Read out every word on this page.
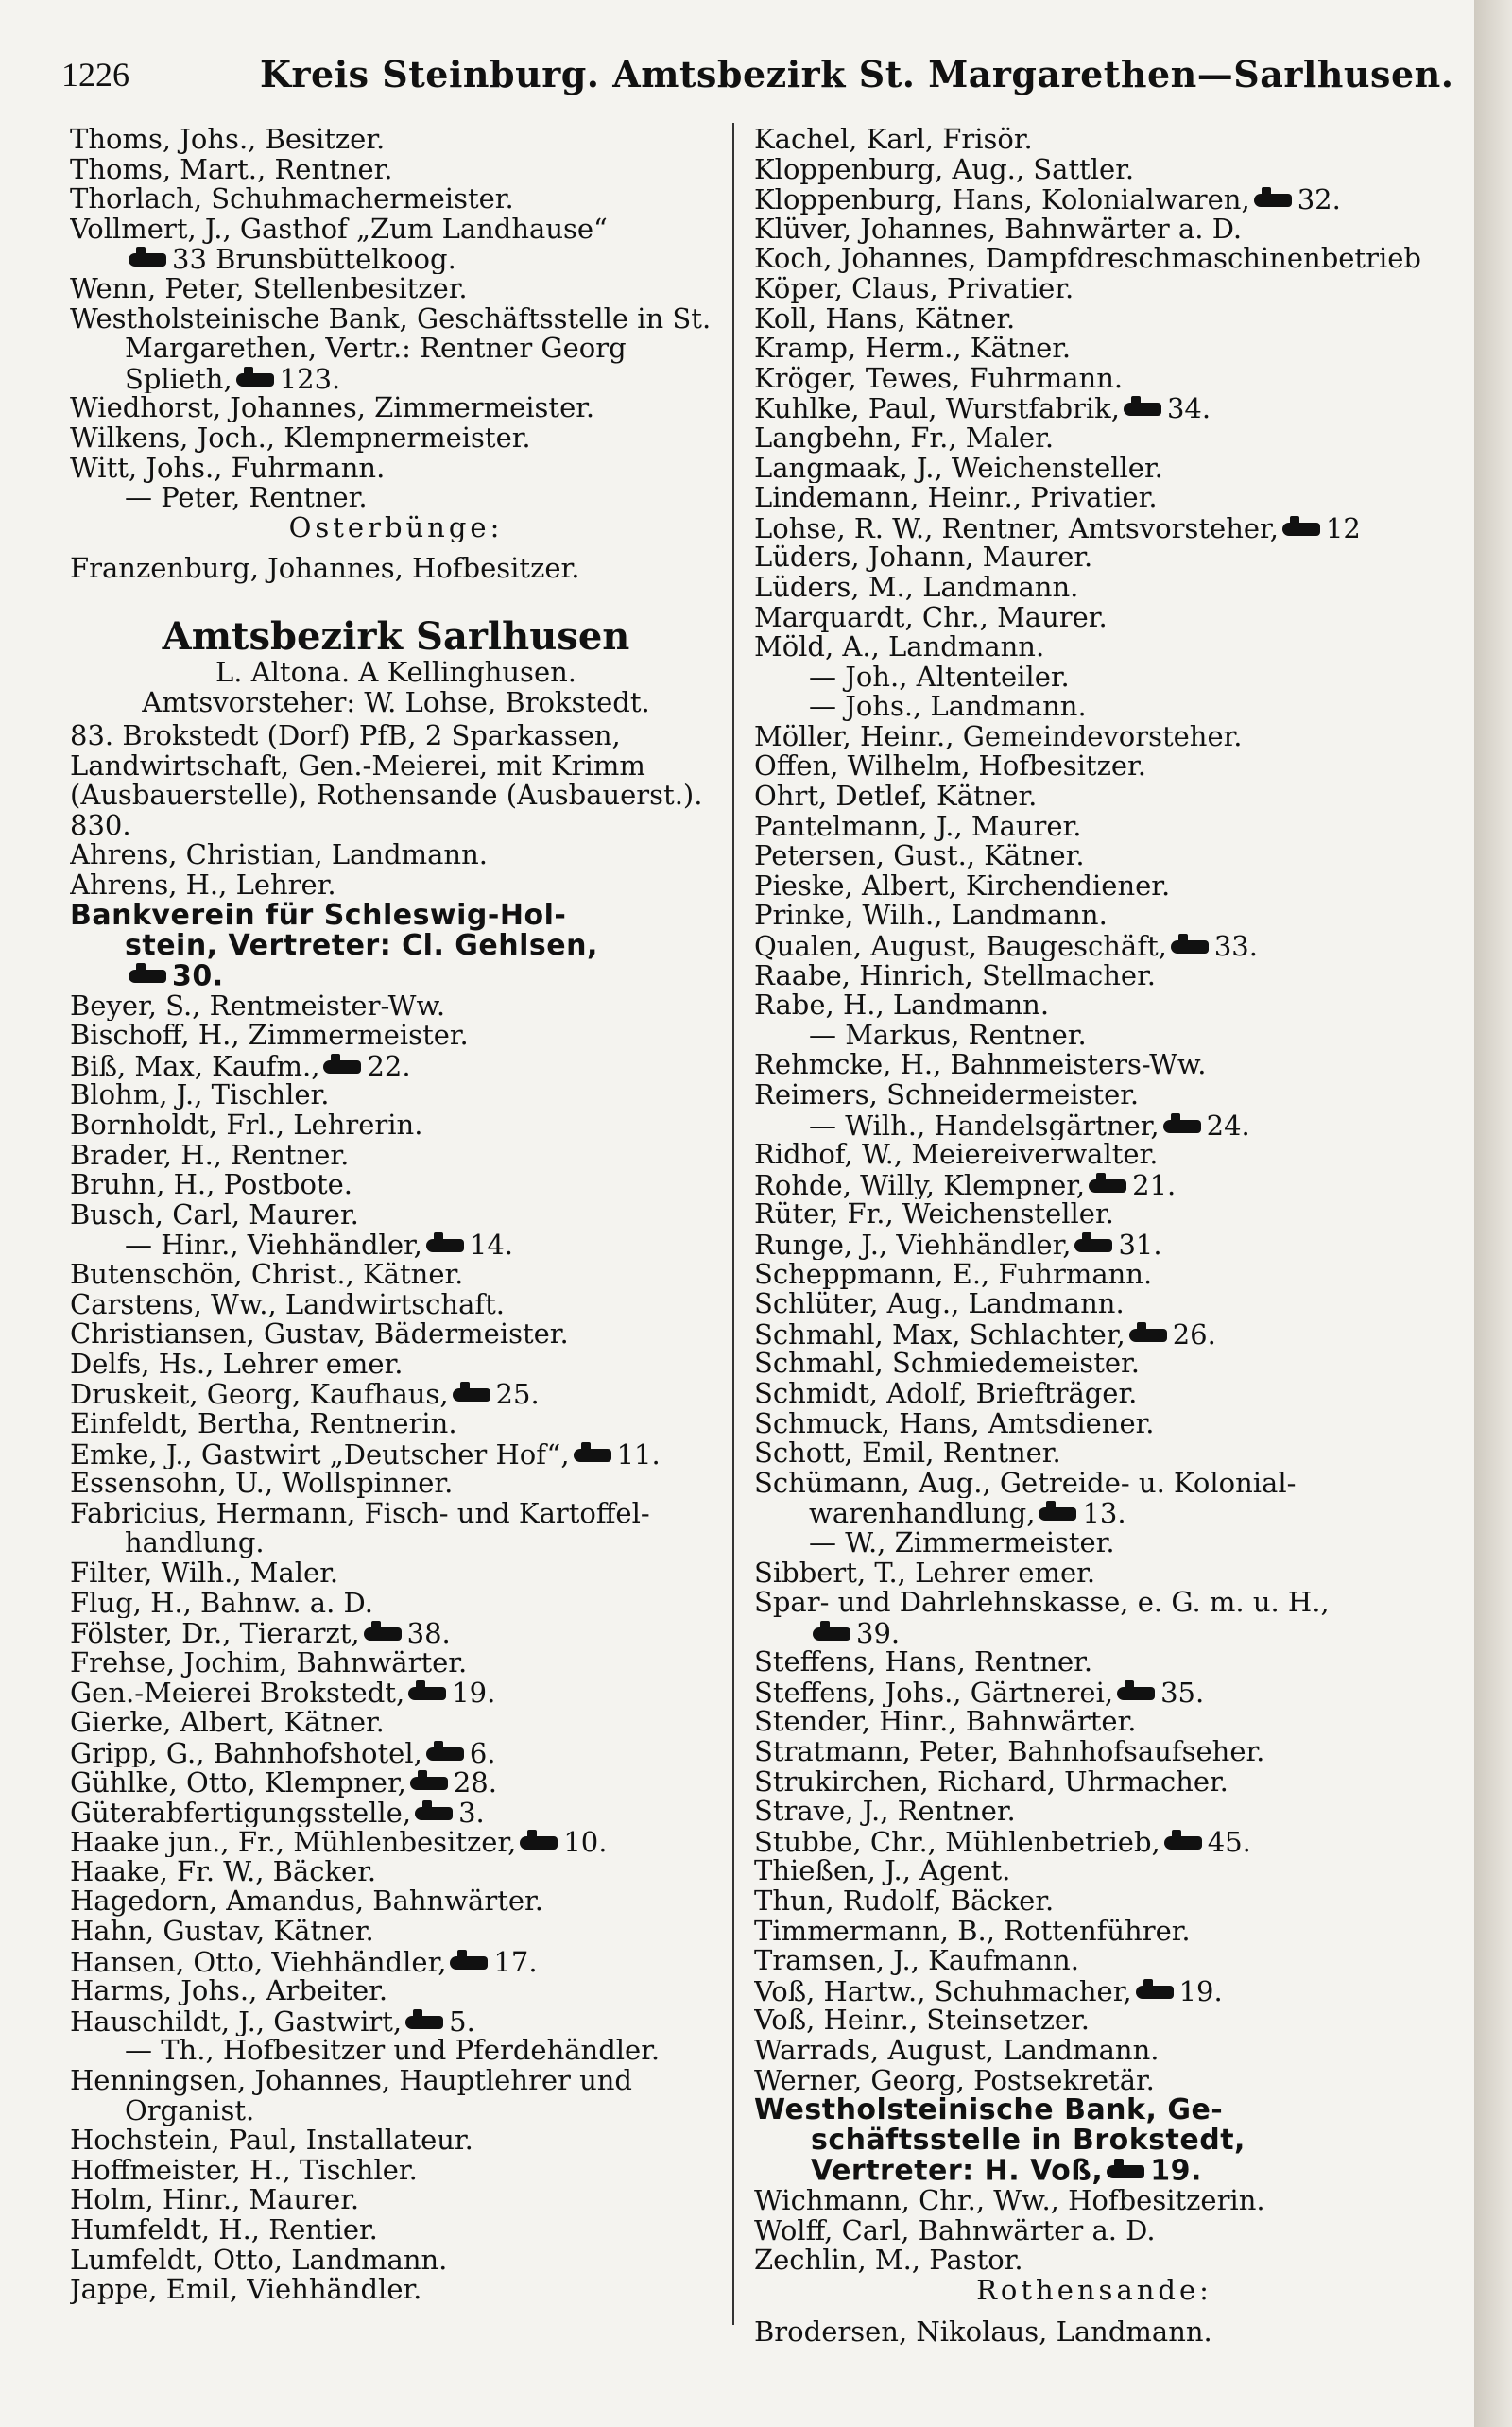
1226	Kreis Steinburg. Amtsbezirk St. Margarethen—Sarlhusen.
Thoms, Johs., Besitzer.
Thoms, Mart., Rentner.
Thorlach, Schuhmachermeister.
Vollmert, J., Gasthof „Zum Landhause“
33 Brunsbüttelkoog.
Wenn, Peter, Stellenbesitzer.
Westholsteinische Bank, Geschäftsstelle in St.
Margarethen, Vertr.: Rentner Georg
Splieth, 123.
Wiedhorst, Johannes, Zimmermeister.
Wilkens, Joch., Klempnermeister.
Witt, Johs., Fuhrmann.
— Peter, Rentner.
Osterbünge:
Franzenburg, Johannes, Hofbesitzer.
Amtsbezirk Sarlhusen
L. Altona. A Kellinghusen.
Amtsvorsteher: W. Lohse, Brokstedt.
83. Brokstedt (Dorf) PfB, 2 Sparkassen,
Landwirtschaft, Gen.-Meierei, mit Krimm
(Ausbauerstelle), Rothensande (Ausbauerst.).
830.
Ahrens, Christian, Landmann.
Ahrens, H., Lehrer.
Bankverein für Schleswig-Hol-
stein, Vertreter: Cl. Gehlsen,
30.
Beyer, S., Rentmeister-Ww.
Bischoff, H., Zimmermeister.
Biß, Max, Kaufm., 22.
Blohm, J., Tischler.
Bornholdt, Frl., Lehrerin.
Brader, H., Rentner.
Bruhn, H., Postbote.
Busch, Carl, Maurer.
— Hinr., Viehhändler, 14.
Butenschön, Christ., Kätner.
Carstens, Ww., Landwirtschaft.
Christiansen, Gustav, Bädermeister.
Delfs, Hs., Lehrer emer.
Druskeit, Georg, Kaufhaus, 25.
Einfeldt, Bertha, Rentnerin.
Emke, J., Gastwirt „Deutscher Hof“, 11.
Essensohn, U., Wollspinner.
Fabricius, Hermann, Fisch- und Kartoffel-
handlung.
Filter, Wilh., Maler.
Flug, H., Bahnw. a. D.
Fölster, Dr., Tierarzt, 38.
Frehse, Jochim, Bahnwärter.
Gen.-Meierei Brokstedt, 19.
Gierke, Albert, Kätner.
Gripp, G., Bahnhofshotel, 6.
Gühlke, Otto, Klempner, 28.
Güterabfertigungsstelle, 3.
Haake jun., Fr., Mühlenbesitzer, 10.
Haake, Fr. W., Bäcker.
Hagedorn, Amandus, Bahnwärter.
Hahn, Gustav, Kätner.
Hansen, Otto, Viehhändler, 17.
Harms, Johs., Arbeiter.
Hauschildt, J., Gastwirt, 5.
— Th., Hofbesitzer und Pferdehändler.
Henningsen, Johannes, Hauptlehrer und
Organist.
Hochstein, Paul, Installateur.
Hoffmeister, H., Tischler.
Holm, Hinr., Maurer.
Humfeldt, H., Rentier.
Lumfeldt, Otto, Landmann.
Jappe, Emil, Viehhändler.
Kachel, Karl, Frisör.
Kloppenburg, Aug., Sattler.
Kloppenburg, Hans, Kolonialwaren, 32.
Klüver, Johannes, Bahnwärter a. D.
Koch, Johannes, Dampfdreschmaschinenbetrieb
Köper, Claus, Privatier.
Koll, Hans, Kätner.
Kramp, Herm., Kätner.
Kröger, Tewes, Fuhrmann.
Kuhlke, Paul, Wurstfabrik, 34.
Langbehn, Fr., Maler.
Langmaak, J., Weichensteller.
Lindemann, Heinr., Privatier.
Lohse, R. W., Rentner, Amtsvorsteher, 12
Lüders, Johann, Maurer.
Lüders, M., Landmann.
Marquardt, Chr., Maurer.
Möld, A., Landmann.
— Joh., Altenteiler.
— Johs., Landmann.
Möller, Heinr., Gemeindevorsteher.
Offen, Wilhelm, Hofbesitzer.
Ohrt, Detlef, Kätner.
Pantelmann, J., Maurer.
Petersen, Gust., Kätner.
Pieske, Albert, Kirchendiener.
Prinke, Wilh., Landmann.
Qualen, August, Baugeschäft, 33.
Raabe, Hinrich, Stellmacher.
Rabe, H., Landmann.
— Markus, Rentner.
Rehmcke, H., Bahnmeisters-Ww.
Reimers, Schneidermeister.
— Wilh., Handelsgärtner, 24.
Ridhof, W., Meiereiverwalter.
Rohde, Willy, Klempner, 21.
Rüter, Fr., Weichensteller.
Runge, J., Viehhändler, 31.
Scheppmann, E., Fuhrmann.
Schlüter, Aug., Landmann.
Schmahl, Max, Schlachter, 26.
Schmahl, Schmiedemeister.
Schmidt, Adolf, Briefträger.
Schmuck, Hans, Amtsdiener.
Schott, Emil, Rentner.
Schümann, Aug., Getreide- u. Kolonial-
warenhandlung, 13.
— W., Zimmermeister.
Sibbert, T., Lehrer emer.
Spar- und Dahrlehnskasse, e. G. m. u. H.,
39.
Steffens, Hans, Rentner.
Steffens, Johs., Gärtnerei, 35.
Stender, Hinr., Bahnwärter.
Stratmann, Peter, Bahnhofsaufseher.
Strukirchen, Richard, Uhrmacher.
Strave, J., Rentner.
Stubbe, Chr., Mühlenbetrieb, 45.
Thießen, J., Agent.
Thun, Rudolf, Bäcker.
Timmermann, B., Rottenführer.
Tramsen, J., Kaufmann.
Voß, Hartw., Schuhmacher, 19.
Voß, Heinr., Steinsetzer.
Warrads, August, Landmann.
Werner, Georg, Postsekretär.
Westholsteinische Bank, Ge-
schäftsstelle in Brokstedt,
Vertreter: H. Voß, 19.
Wichmann, Chr., Ww., Hofbesitzerin.
Wolff, Carl, Bahnwärter a. D.
Zechlin, M., Pastor.
Rothensande:
Brodersen, Nikolaus, Landmann.
